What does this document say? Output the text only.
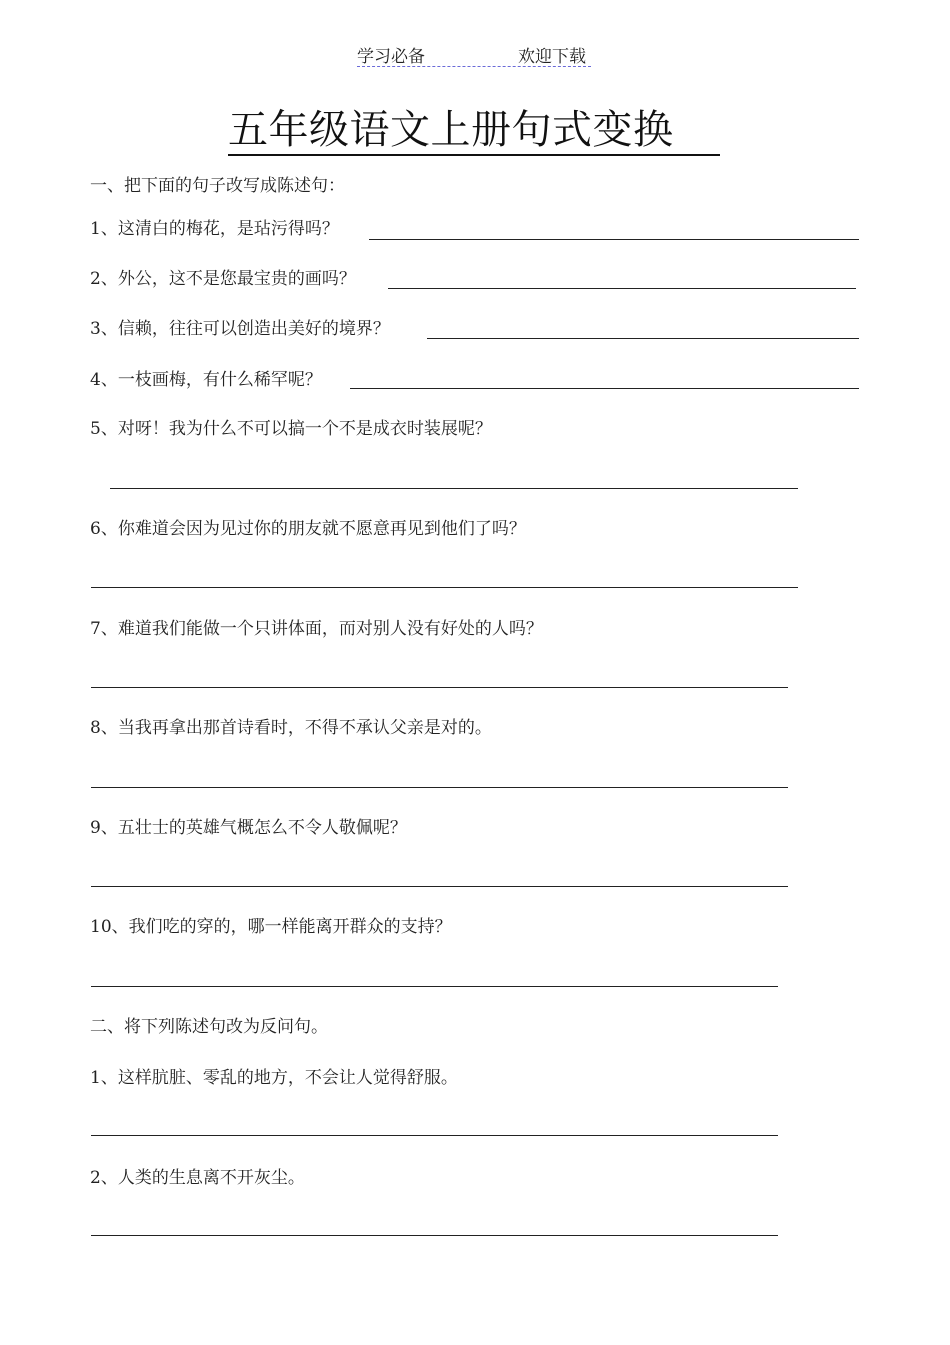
学习必备	欢迎下载
五年级语文上册句式变换
一、把下面的句子改写成陈述句：
1、这清白的梅花，是玷污得吗？
2、外公，这不是您最宝贵的画吗？
3、信赖，往往可以创造出美好的境界？
4、一枝画梅，有什么稀罕呢？
5、对呀！我为什么不可以搞一个不是成衣时装展呢？
6、你难道会因为见过你的朋友就不愿意再见到他们了吗？
7、难道我们能做一个只讲体面，而对别人没有好处的人吗？
8、当我再拿出那首诗看时，不得不承认父亲是对的。
9、五壮士的英雄气概怎么不令人敬佩呢？
10、我们吃的穿的，哪一样能离开群众的支持？
二、将下列陈述句改为反问句。
1、这样肮脏、零乱的地方，不会让人觉得舒服。
2、人类的生息离不开灰尘。
